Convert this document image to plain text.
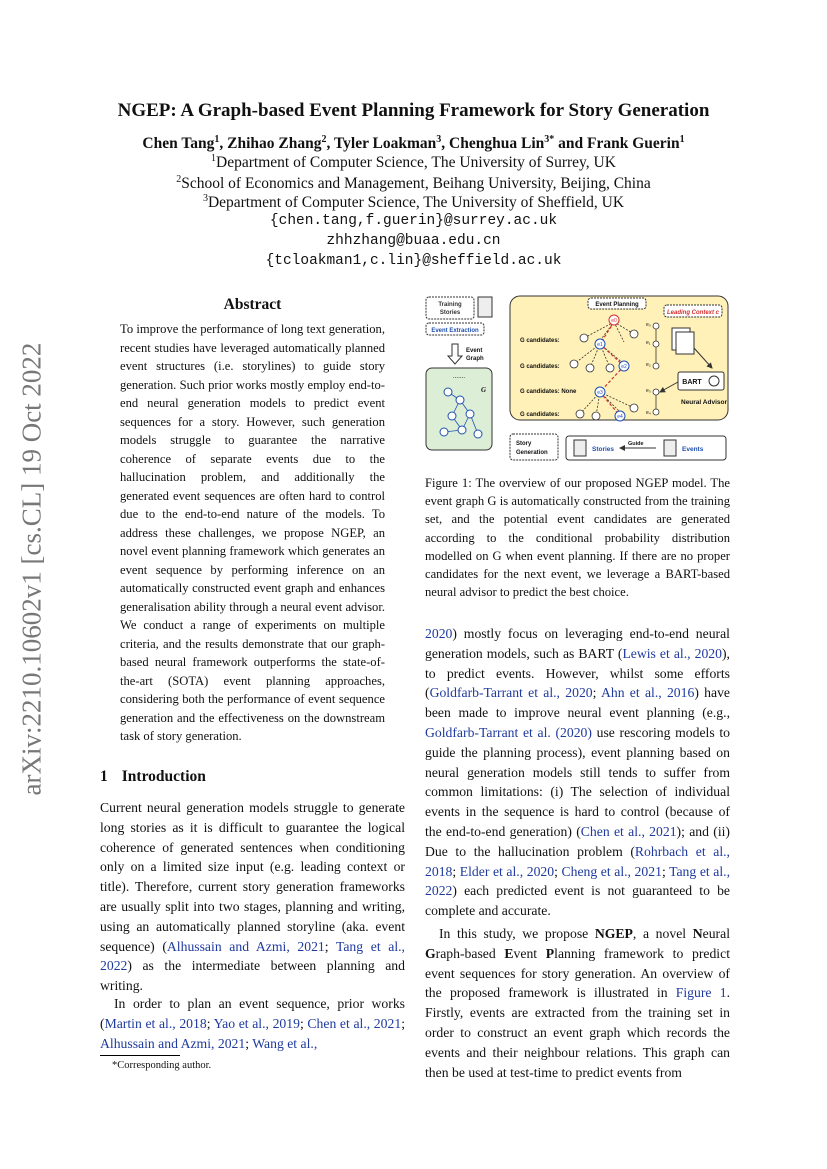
arXiv:2210.10602v1 [cs.CL] 19 Oct 2022
NGEP: A Graph-based Event Planning Framework for Story Generation
Chen Tang$^1$, Zhihao Zhang$^2$, Tyler Loakman$^3$, Chenghua Lin$^{3*}$ and Frank Guerin$^1$
$^1$Department of Computer Science, The University of Surrey, UK
$^2$School of Economics and Management, Beihang University, Beijing, China
$^3$Department of Computer Science, The University of Sheffield, UK
{chen.tang,f.guerin}@surrey.ac.uk
zhhzhang@buaa.edu.cn
{tcloakman1,c.lin}@sheffield.ac.uk
Abstract
To improve the performance of long text generation, recent studies have leveraged automatically planned event structures (i.e. storylines) to guide story generation. Such prior works mostly employ end-to-end neural generation models to predict event sequences for a story. However, such generation models struggle to guarantee the narrative coherence of separate events due to the hallucination problem, and additionally the generated event sequences are often hard to control due to the end-to-end nature of the models. To address these challenges, we propose NGEP, an novel event planning framework which generates an event sequence by performing inference on an automatically constructed event graph and enhances generalisation ability through a neural event advisor. We conduct a range of experiments on multiple criteria, and the results demonstrate that our graph-based neural framework outperforms the state-of-the-art (SOTA) event planning approaches, considering both the performance of event sequence generation and the effectiveness on the downstream task of story generation.
1 Introduction
Current neural generation models struggle to generate long stories as it is difficult to guarantee the logical coherence of generated sentences when conditioning only on a limited size input (e.g. leading context or title). Therefore, current story generation frameworks are usually split into two stages, planning and writing, using an automatically planned storyline (aka. event sequence) (Alhussain and Azmi, 2021; Tang et al., 2022) as the intermediate between planning and writing.
In order to plan an event sequence, prior works (Martin et al., 2018; Yao et al., 2019; Chen et al., 2021; Alhussain and Azmi, 2021; Wang et al.,
*Corresponding author.
Training
Stories
Event Extraction
Event
Graph
.......
G
Event Planning
Leading Context c
G candidates:
G candidates:
G candidates: None
G candidates:
e0
e1
e2
e3
e4
e₀
e₁
e₂
e₃
e₄
BART
Neural Advisor
Story
Generation	Stories
Guide
Events
Figure 1: The overview of our proposed NGEP model. The event graph G is automatically constructed from the training set, and the potential event candidates are generated according to the conditional probability distribution modelled on G when event planning. If there are no proper candidates for the next event, we leverage a BART-based neural advisor to predict the best choice.
2020) mostly focus on leveraging end-to-end neural generation models, such as BART (Lewis et al., 2020), to predict events. However, whilst some efforts (Goldfarb-Tarrant et al., 2020; Ahn et al., 2016) have been made to improve neural event planning (e.g., Goldfarb-Tarrant et al. (2020) use rescoring models to guide the planning process), event planning based on neural generation models still tends to suffer from common limitations: (i) The selection of individual events in the sequence is hard to control (because of the end-to-end generation) (Chen et al., 2021); and (ii) Due to the hallucination problem (Rohrbach et al., 2018; Elder et al., 2020; Cheng et al., 2021; Tang et al., 2022) each predicted event is not guaranteed to be complete and accurate.
In this study, we propose NGEP, a novel Neural Graph-based Event Planning framework to predict event sequences for story generation. An overview of the proposed framework is illustrated in Figure 1. Firstly, events are extracted from the training set in order to construct an event graph which records the events and their neighbour relations. This graph can then be used at test-time to predict events from
